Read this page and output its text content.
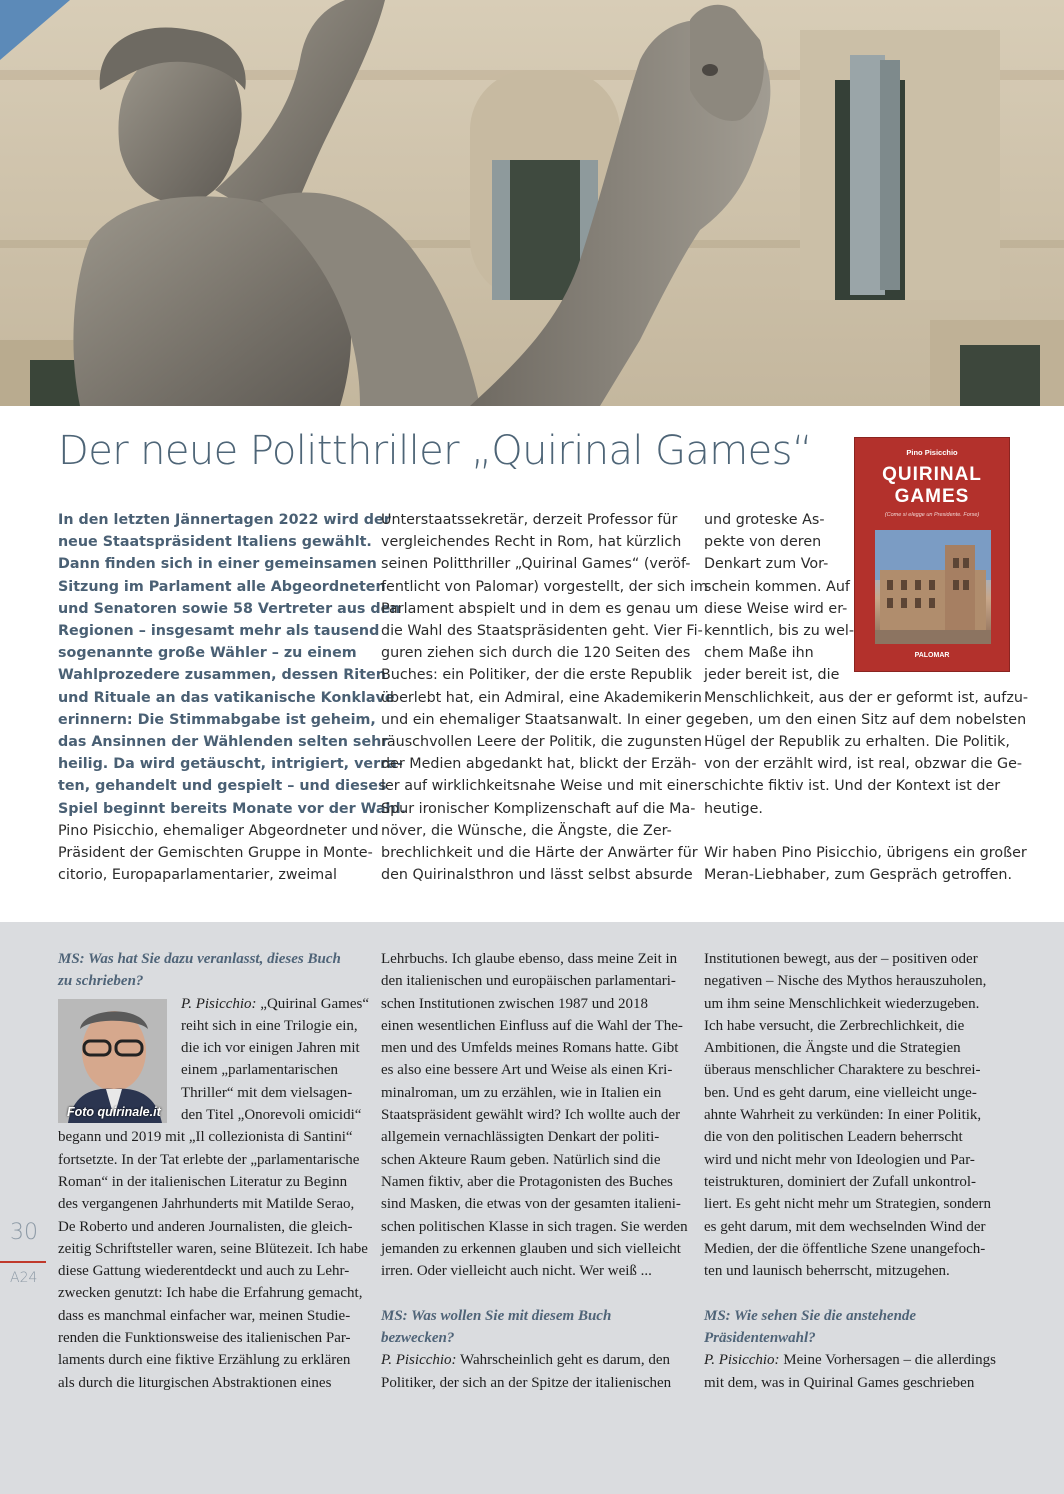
Der neue Politthriller „Quirinal Games“	Pino Pisicchio
QUIRINAL
GAMES
(Come si elegge un Presidente. Forse)
PALOMAR
In den letzten Jännertagen 2022 wird der
neue Staatspräsident Italiens gewählt.
Dann finden sich in einer gemeinsamen
Sitzung im Parlament alle Abgeordneten
und Senatoren sowie 58 Vertreter aus den
Regionen – insgesamt mehr als tausend
sogenannte große Wähler – zu einem
Wahlprozedere zusammen, dessen Riten
und Rituale an das vatikanische Konklave
erinnern: Die Stimmabgabe ist geheim,
das Ansinnen der Wählenden selten sehr
heilig. Da wird getäuscht, intrigiert, verra-
ten, gehandelt und gespielt – und dieses
Spiel beginnt bereits Monate vor der Wahl.
Pino Pisicchio, ehemaliger Abgeordneter und
Präsident der Gemischten Gruppe in Monte-
citorio, Europaparlamentarier, zweimal
Unterstaatssekretär, derzeit Professor für
vergleichendes Recht in Rom, hat kürzlich
seinen Politthriller „Quirinal Games“ (veröf-
fentlicht von Palomar) vorgestellt, der sich im
Parlament abspielt und in dem es genau um
die Wahl des Staatspräsidenten geht. Vier Fi-
guren ziehen sich durch die 120 Seiten des
Buches: ein Politiker, der die erste Republik
überlebt hat, ein Admiral, eine Akademikerin
und ein ehemaliger Staatsanwalt. In einer ge-
räuschvollen Leere der Politik, die zugunsten
der Medien abgedankt hat, blickt der Erzäh-
ler auf wirklichkeitsnahe Weise und mit einer
Spur ironischer Komplizenschaft auf die Ma-
növer, die Wünsche, die Ängste, die Zer-
brechlichkeit und die Härte der Anwärter für
den Quirinalsthron und lässt selbst absurde
und groteske As-
pekte von deren
Denkart zum Vor-
schein kommen. Auf
diese Weise wird er-
kenntlich, bis zu wel-
chem Maße ihn
jeder bereit ist, die
Menschlichkeit, aus der er geformt ist, aufzu-
geben, um den einen Sitz auf dem nobelsten
Hügel der Republik zu erhalten. Die Politik,
von der erzählt wird, ist real, obzwar die Ge-
schichte fiktiv ist. Und der Kontext ist der
heutige.
Wir haben Pino Pisicchio, übrigens ein großer
Meran-Liebhaber, zum Gespräch getroffen.
Foto quirinale.it
MS: Was hat Sie dazu veranlasst, dieses Buch
zu schrieben?
P. Pisicchio: „Quirinal Games“
reiht sich in eine Trilogie ein,
die ich vor einigen Jahren mit
einem „parlamentarischen
Thriller“ mit dem vielsagen-
den Titel „Onorevoli omicidi“
begann und 2019 mit „Il collezionista di Santini“
fortsetzte. In der Tat erlebte der „parlamentarische
Roman“ in der italienischen Literatur zu Beginn
des vergangenen Jahrhunderts mit Matilde Serao,
De Roberto und anderen Journalisten, die gleich-
zeitig Schriftsteller waren, seine Blütezeit. Ich habe
diese Gattung wiederentdeckt und auch zu Lehr-
zwecken genutzt: Ich habe die Erfahrung gemacht,
dass es manchmal einfacher war, meinen Studie-
renden die Funktionsweise des italienischen Par-
laments durch eine fiktive Erzählung zu erklären
als durch die liturgischen Abstraktionen eines
Lehrbuchs. Ich glaube ebenso, dass meine Zeit in
den italienischen und europäischen parlamentari-
schen Institutionen zwischen 1987 und 2018
einen wesentlichen Einfluss auf die Wahl der The-
men und des Umfelds meines Romans hatte. Gibt
es also eine bessere Art und Weise als einen Kri-
minalroman, um zu erzählen, wie in Italien ein
Staatspräsident gewählt wird? Ich wollte auch der
allgemein vernachlässigten Denkart der politi-
schen Akteure Raum geben. Natürlich sind die
Namen fiktiv, aber die Protagonisten des Buches
sind Masken, die etwas von der gesamten italieni-
schen politischen Klasse in sich tragen. Sie werden
jemanden zu erkennen glauben und sich vielleicht
irren. Oder vielleicht auch nicht. Wer weiß ...
MS: Was wollen Sie mit diesem Buch
bezwecken?
P. Pisicchio: Wahrscheinlich geht es darum, den
Politiker, der sich an der Spitze der italienischen
Institutionen bewegt, aus der – positiven oder
negativen – Nische des Mythos herauszuholen,
um ihm seine Menschlichkeit wiederzugeben.
Ich habe versucht, die Zerbrechlichkeit, die
Ambitionen, die Ängste und die Strategien
überaus menschlicher Charaktere zu beschrei-
ben. Und es geht darum, eine vielleicht unge-
ahnte Wahrheit zu verkünden: In einer Politik,
die von den politischen Leadern beherrscht
wird und nicht mehr von Ideologien und Par-
teistrukturen, dominiert der Zufall unkontrol-
liert. Es geht nicht mehr um Strategien, sondern
es geht darum, mit dem wechselnden Wind der
Medien, der die öffentliche Szene unangefoch-
ten und launisch beherrscht, mitzugehen.
MS: Wie sehen Sie die anstehende
Präsidentenwahl?
P. Pisicchio: Meine Vorhersagen – die allerdings
mit dem, was in Quirinal Games geschrieben
30
A24
